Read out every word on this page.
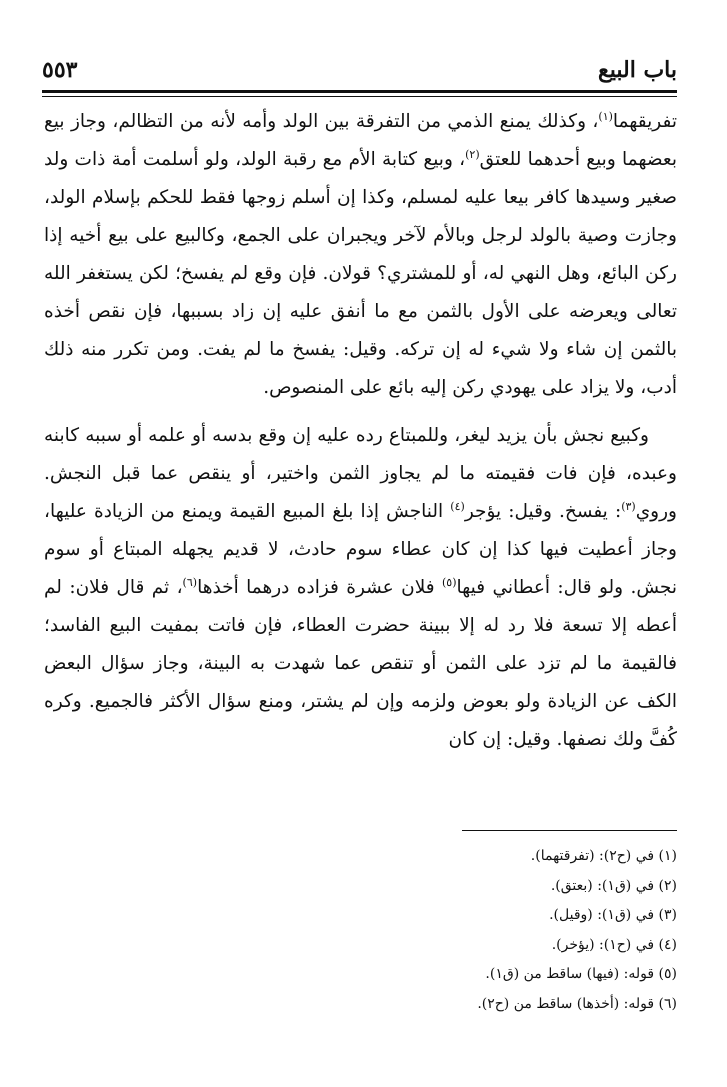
باب البيع
٥٥٣

تفريقهما$^{(١)}$، وكذلك يمنع الذمي من التفرقة بين الولد وأمه لأنه من التظالم، وجاز بيع بعضهما وبيع أحدهما للعتق$^{(٢)}$، وبيع كتابة الأم مع رقبة الولد، ولو أسلمت أمة ذات ولد صغير وسيدها كافر بيعا عليه لمسلم، وكذا إن أسلم زوجها فقط للحكم بإسلام الولد، وجازت وصية بالولد لرجل وبالأم لآخر ويجبران على الجمع، وكالبيع على بيع أخيه إذا ركن البائع، وهل النهي له، أو للمشتري؟ قولان. فإن وقع لم يفسخ؛ لكن يستغفر الله تعالى ويعرضه على الأول بالثمن مع ما أنفق عليه إن زاد بسببها، فإن نقص أخذه بالثمن إن شاء ولا شيء له إن تركه. وقيل: يفسخ ما لم يفت. ومن تكرر منه ذلك أدب، ولا يزاد على يهودي ركن إليه بائع على المنصوص.

وكبيع نجش بأن يزيد ليغر، وللمبتاع رده عليه إن وقع بدسه أو علمه أو سببه كابنه وعبده، فإن فات فقيمته ما لم يجاوز الثمن واختير، أو ينقص عما قبل النجش. وروي$^{(٣)}$: يفسخ. وقيل: يؤجر$^{(٤)}$ الناجش إذا بلغ المبيع القيمة ويمنع من الزيادة عليها، وجاز أعطيت فيها كذا إن كان عطاء سوم حادث، لا قديم يجهله المبتاع أو سوم نجش. ولو قال: أعطاني فيها$^{(٥)}$ فلان عشرة فزاده درهما أخذها$^{(٦)}$، ثم قال فلان: لم أعطه إلا تسعة فلا رد له إلا ببينة حضرت العطاء، فإن فاتت بمفيت البيع الفاسد؛ فالقيمة ما لم تزد على الثمن أو تنقص عما شهدت به البينة، وجاز سؤال البعض الكف عن الزيادة ولو بعوض ولزمه وإن لم يشتر، ومنع سؤال الأكثر فالجميع. وكره كُفَّ ولك نصفها. وقيل: إن كان

(١) في (ح٢): (تفرقتهما).
(٢) في (ق١): (بعتق).
(٣) في (ق١): (وقيل).
(٤) في (ح١): (يؤخر).
(٥) قوله: (فيها) ساقط من (ق١).
(٦) قوله: (أخذها) ساقط من (ح٢).
